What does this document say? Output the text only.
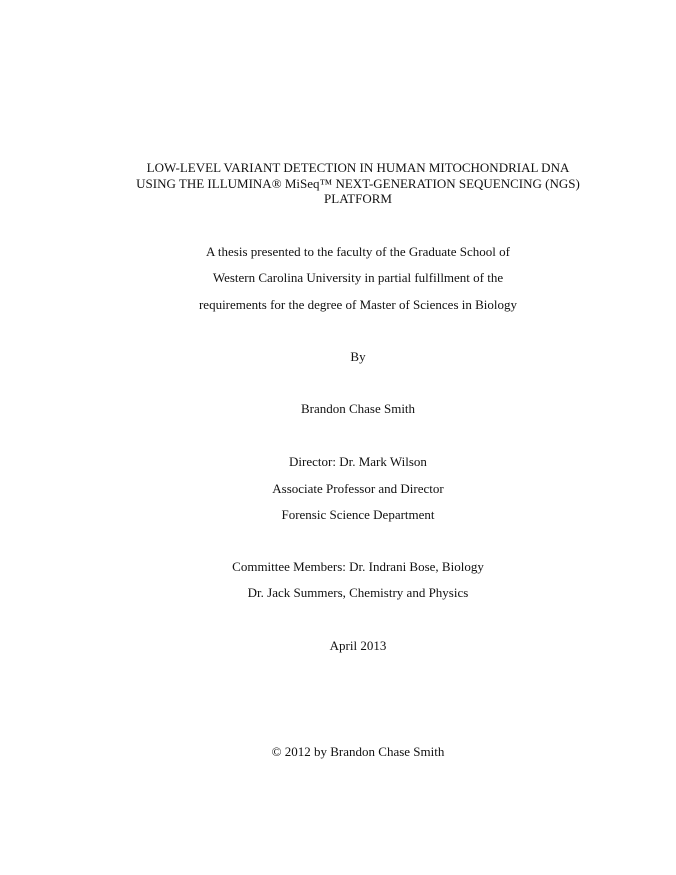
LOW-LEVEL VARIANT DETECTION IN HUMAN MITOCHONDRIAL DNA
USING THE ILLUMINA® MiSeq™ NEXT-GENERATION SEQUENCING (NGS)
PLATFORM
A thesis presented to the faculty of the Graduate School of
Western Carolina University in partial fulfillment of the
requirements for the degree of Master of Sciences in Biology
By
Brandon Chase Smith
Director: Dr. Mark Wilson
Associate Professor and Director
Forensic Science Department
Committee Members: Dr. Indrani Bose, Biology
Dr. Jack Summers, Chemistry and Physics
April 2013
© 2012 by Brandon Chase Smith
